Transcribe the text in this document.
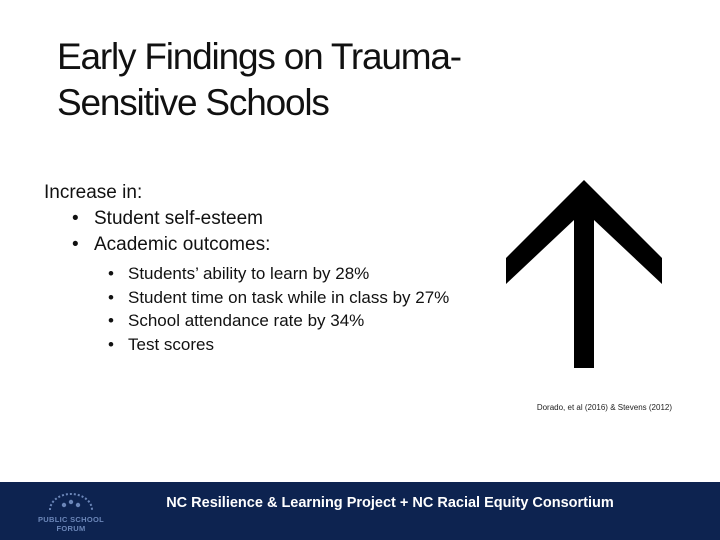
Early Findings on Trauma-Sensitive Schools
Increase in:
• Student self-esteem
• Academic outcomes:
• Students’ ability to learn by 28%
• Student time on task while in class by 27%
• School attendance rate by 34%
• Test scores
Dorado, et al (2016) & Stevens (2012)
PUBLIC SCHOOL
FORUM
NC Resilience & Learning Project + NC Racial Equity Consortium
